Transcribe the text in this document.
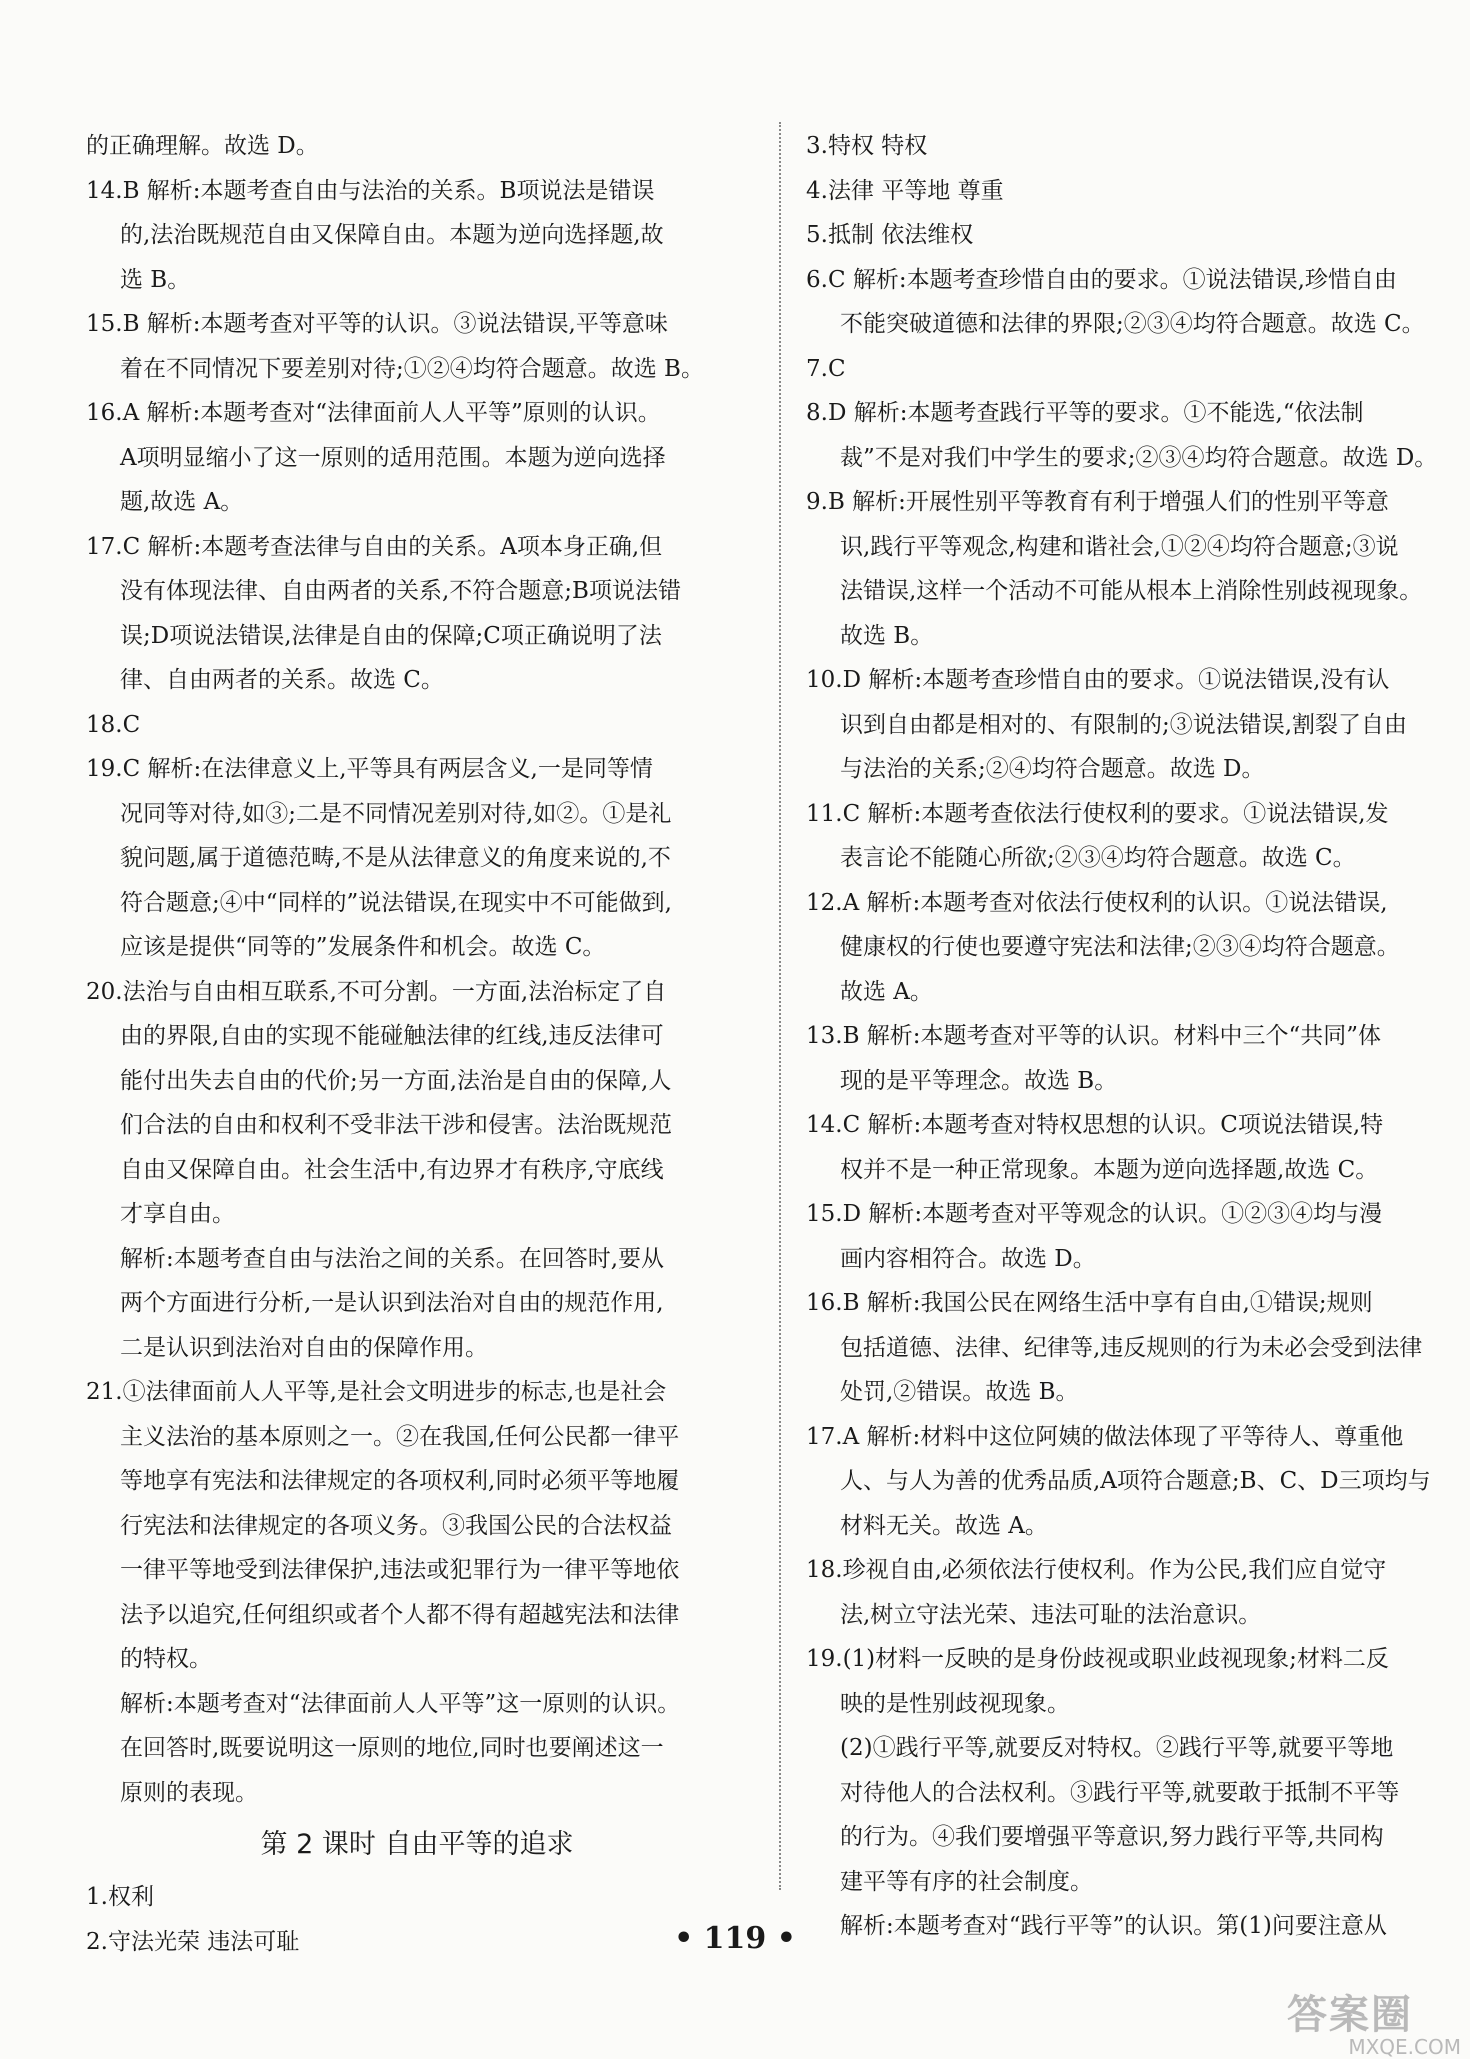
的正确理解。故选 D。
14.B 解析:本题考查自由与法治的关系。B项说法是错误
的,法治既规范自由又保障自由。本题为逆向选择题,故
选 B。
15.B 解析:本题考查对平等的认识。③说法错误,平等意味
着在不同情况下要差别对待;①②④均符合题意。故选 B。
16.A 解析:本题考查对“法律面前人人平等”原则的认识。
A项明显缩小了这一原则的适用范围。本题为逆向选择
题,故选 A。
17.C 解析:本题考查法律与自由的关系。A项本身正确,但
没有体现法律、自由两者的关系,不符合题意;B项说法错
误;D项说法错误,法律是自由的保障;C项正确说明了法
律、自由两者的关系。故选 C。
18.C
19.C 解析:在法律意义上,平等具有两层含义,一是同等情
况同等对待,如③;二是不同情况差别对待,如②。①是礼
貌问题,属于道德范畴,不是从法律意义的角度来说的,不
符合题意;④中“同样的”说法错误,在现实中不可能做到,
应该是提供“同等的”发展条件和机会。故选 C。
20.法治与自由相互联系,不可分割。一方面,法治标定了自
由的界限,自由的实现不能碰触法律的红线,违反法律可
能付出失去自由的代价;另一方面,法治是自由的保障,人
们合法的自由和权利不受非法干涉和侵害。法治既规范
自由又保障自由。社会生活中,有边界才有秩序,守底线
才享自由。
解析:本题考查自由与法治之间的关系。在回答时,要从
两个方面进行分析,一是认识到法治对自由的规范作用,
二是认识到法治对自由的保障作用。
21.①法律面前人人平等,是社会文明进步的标志,也是社会
主义法治的基本原则之一。②在我国,任何公民都一律平
等地享有宪法和法律规定的各项权利,同时必须平等地履
行宪法和法律规定的各项义务。③我国公民的合法权益
一律平等地受到法律保护,违法或犯罪行为一律平等地依
法予以追究,任何组织或者个人都不得有超越宪法和法律
的特权。
解析:本题考查对“法律面前人人平等”这一原则的认识。
在回答时,既要说明这一原则的地位,同时也要阐述这一
原则的表现。
第 2 课时 自由平等的追求
1.权利
2.守法光荣 违法可耻
3.特权 特权
4.法律 平等地 尊重
5.抵制 依法维权
6.C 解析:本题考查珍惜自由的要求。①说法错误,珍惜自由
不能突破道德和法律的界限;②③④均符合题意。故选 C。
7.C
8.D 解析:本题考查践行平等的要求。①不能选,“依法制
裁”不是对我们中学生的要求;②③④均符合题意。故选 D。
9.B 解析:开展性别平等教育有利于增强人们的性别平等意
识,践行平等观念,构建和谐社会,①②④均符合题意;③说
法错误,这样一个活动不可能从根本上消除性别歧视现象。
故选 B。
10.D 解析:本题考查珍惜自由的要求。①说法错误,没有认
识到自由都是相对的、有限制的;③说法错误,割裂了自由
与法治的关系;②④均符合题意。故选 D。
11.C 解析:本题考查依法行使权利的要求。①说法错误,发
表言论不能随心所欲;②③④均符合题意。故选 C。
12.A 解析:本题考查对依法行使权利的认识。①说法错误,
健康权的行使也要遵守宪法和法律;②③④均符合题意。
故选 A。
13.B 解析:本题考查对平等的认识。材料中三个“共同”体
现的是平等理念。故选 B。
14.C 解析:本题考查对特权思想的认识。C项说法错误,特
权并不是一种正常现象。本题为逆向选择题,故选 C。
15.D 解析:本题考查对平等观念的认识。①②③④均与漫
画内容相符合。故选 D。
16.B 解析:我国公民在网络生活中享有自由,①错误;规则
包括道德、法律、纪律等,违反规则的行为未必会受到法律
处罚,②错误。故选 B。
17.A 解析:材料中这位阿姨的做法体现了平等待人、尊重他
人、与人为善的优秀品质,A项符合题意;B、C、D三项均与
材料无关。故选 A。
18.珍视自由,必须依法行使权利。作为公民,我们应自觉守
法,树立守法光荣、违法可耻的法治意识。
19.(1)材料一反映的是身份歧视或职业歧视现象;材料二反
映的是性别歧视现象。
(2)①践行平等,就要反对特权。②践行平等,就要平等地
对待他人的合法权利。③践行平等,就要敢于抵制不平等
的行为。④我们要增强平等意识,努力践行平等,共同构
建平等有序的社会制度。
解析:本题考查对“践行平等”的认识。第(1)问要注意从
• 119 •
答案圈
MXQE.COM
